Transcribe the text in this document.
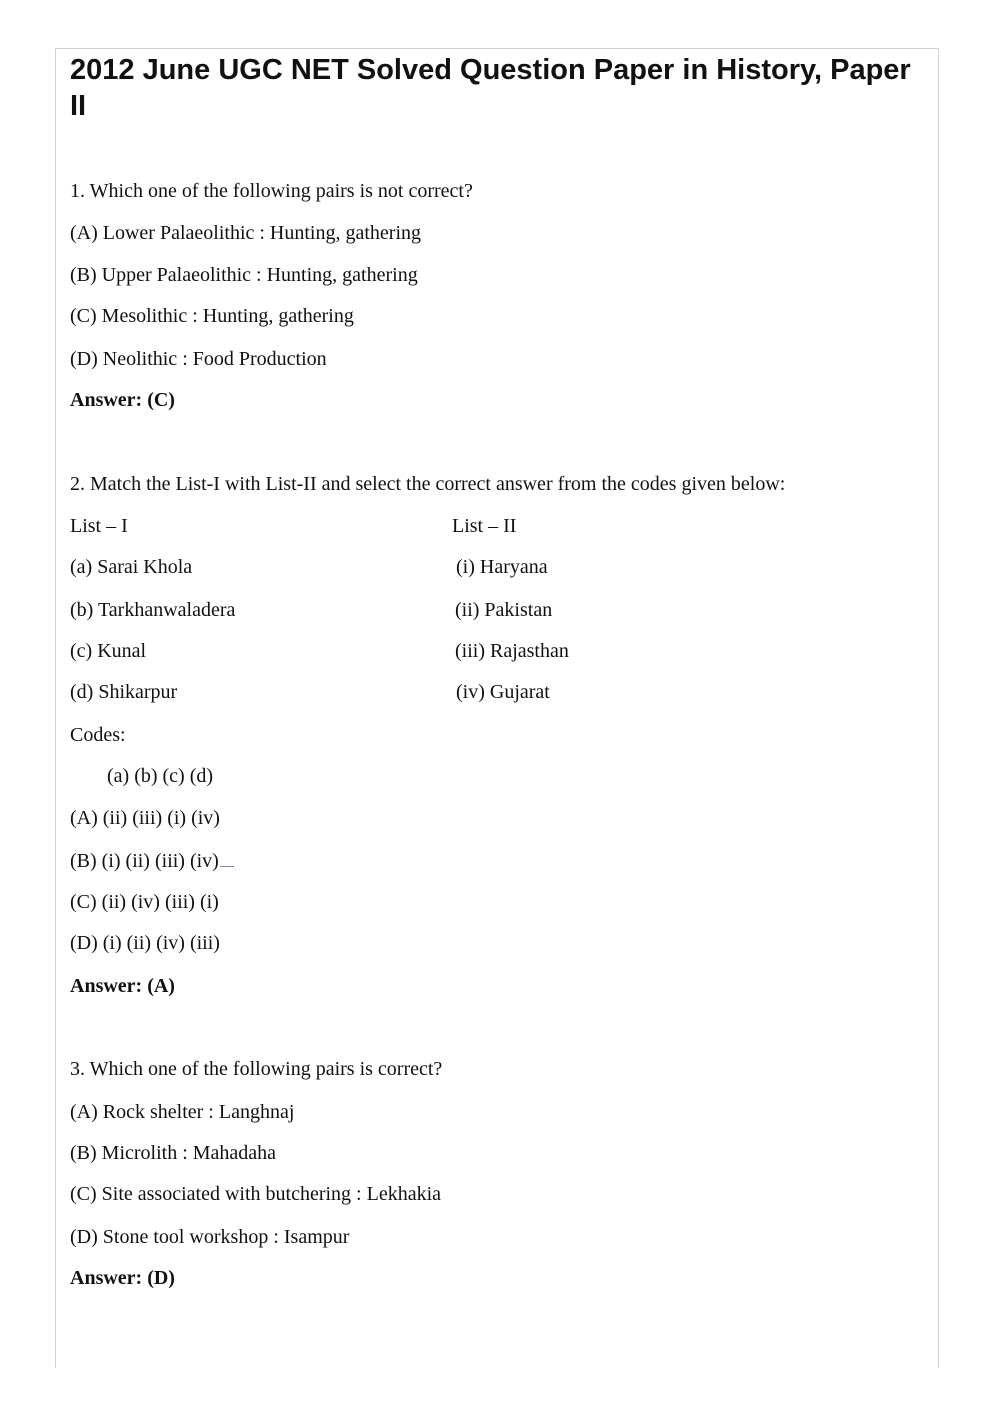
2012 June UGC NET Solved Question Paper in History, Paper II
1. Which one of the following pairs is not correct?
(A) Lower Palaeolithic : Hunting, gathering
(B) Upper Palaeolithic : Hunting, gathering
(C) Mesolithic : Hunting, gathering
(D) Neolithic : Food Production
Answer: (C)
2. Match the List-I with List-II and select the correct answer from the codes given below:
List – I	List – II
(a) Sarai Khola	(i) Haryana
(b) Tarkhanwaladera	(ii) Pakistan
(c) Kunal	(iii) Rajasthan
(d) Shikarpur	(iv) Gujarat
Codes:
(a) (b) (c) (d)
(A) (ii) (iii) (i) (iv)
(B) (i) (ii) (iii) (iv)
(C) (ii) (iv) (iii) (i)
(D) (i) (ii) (iv) (iii)
Answer: (A)
3. Which one of the following pairs is correct?
(A) Rock shelter : Langhnaj
(B) Microlith : Mahadaha
(C) Site associated with butchering : Lekhakia
(D) Stone tool workshop : Isampur
Answer: (D)
